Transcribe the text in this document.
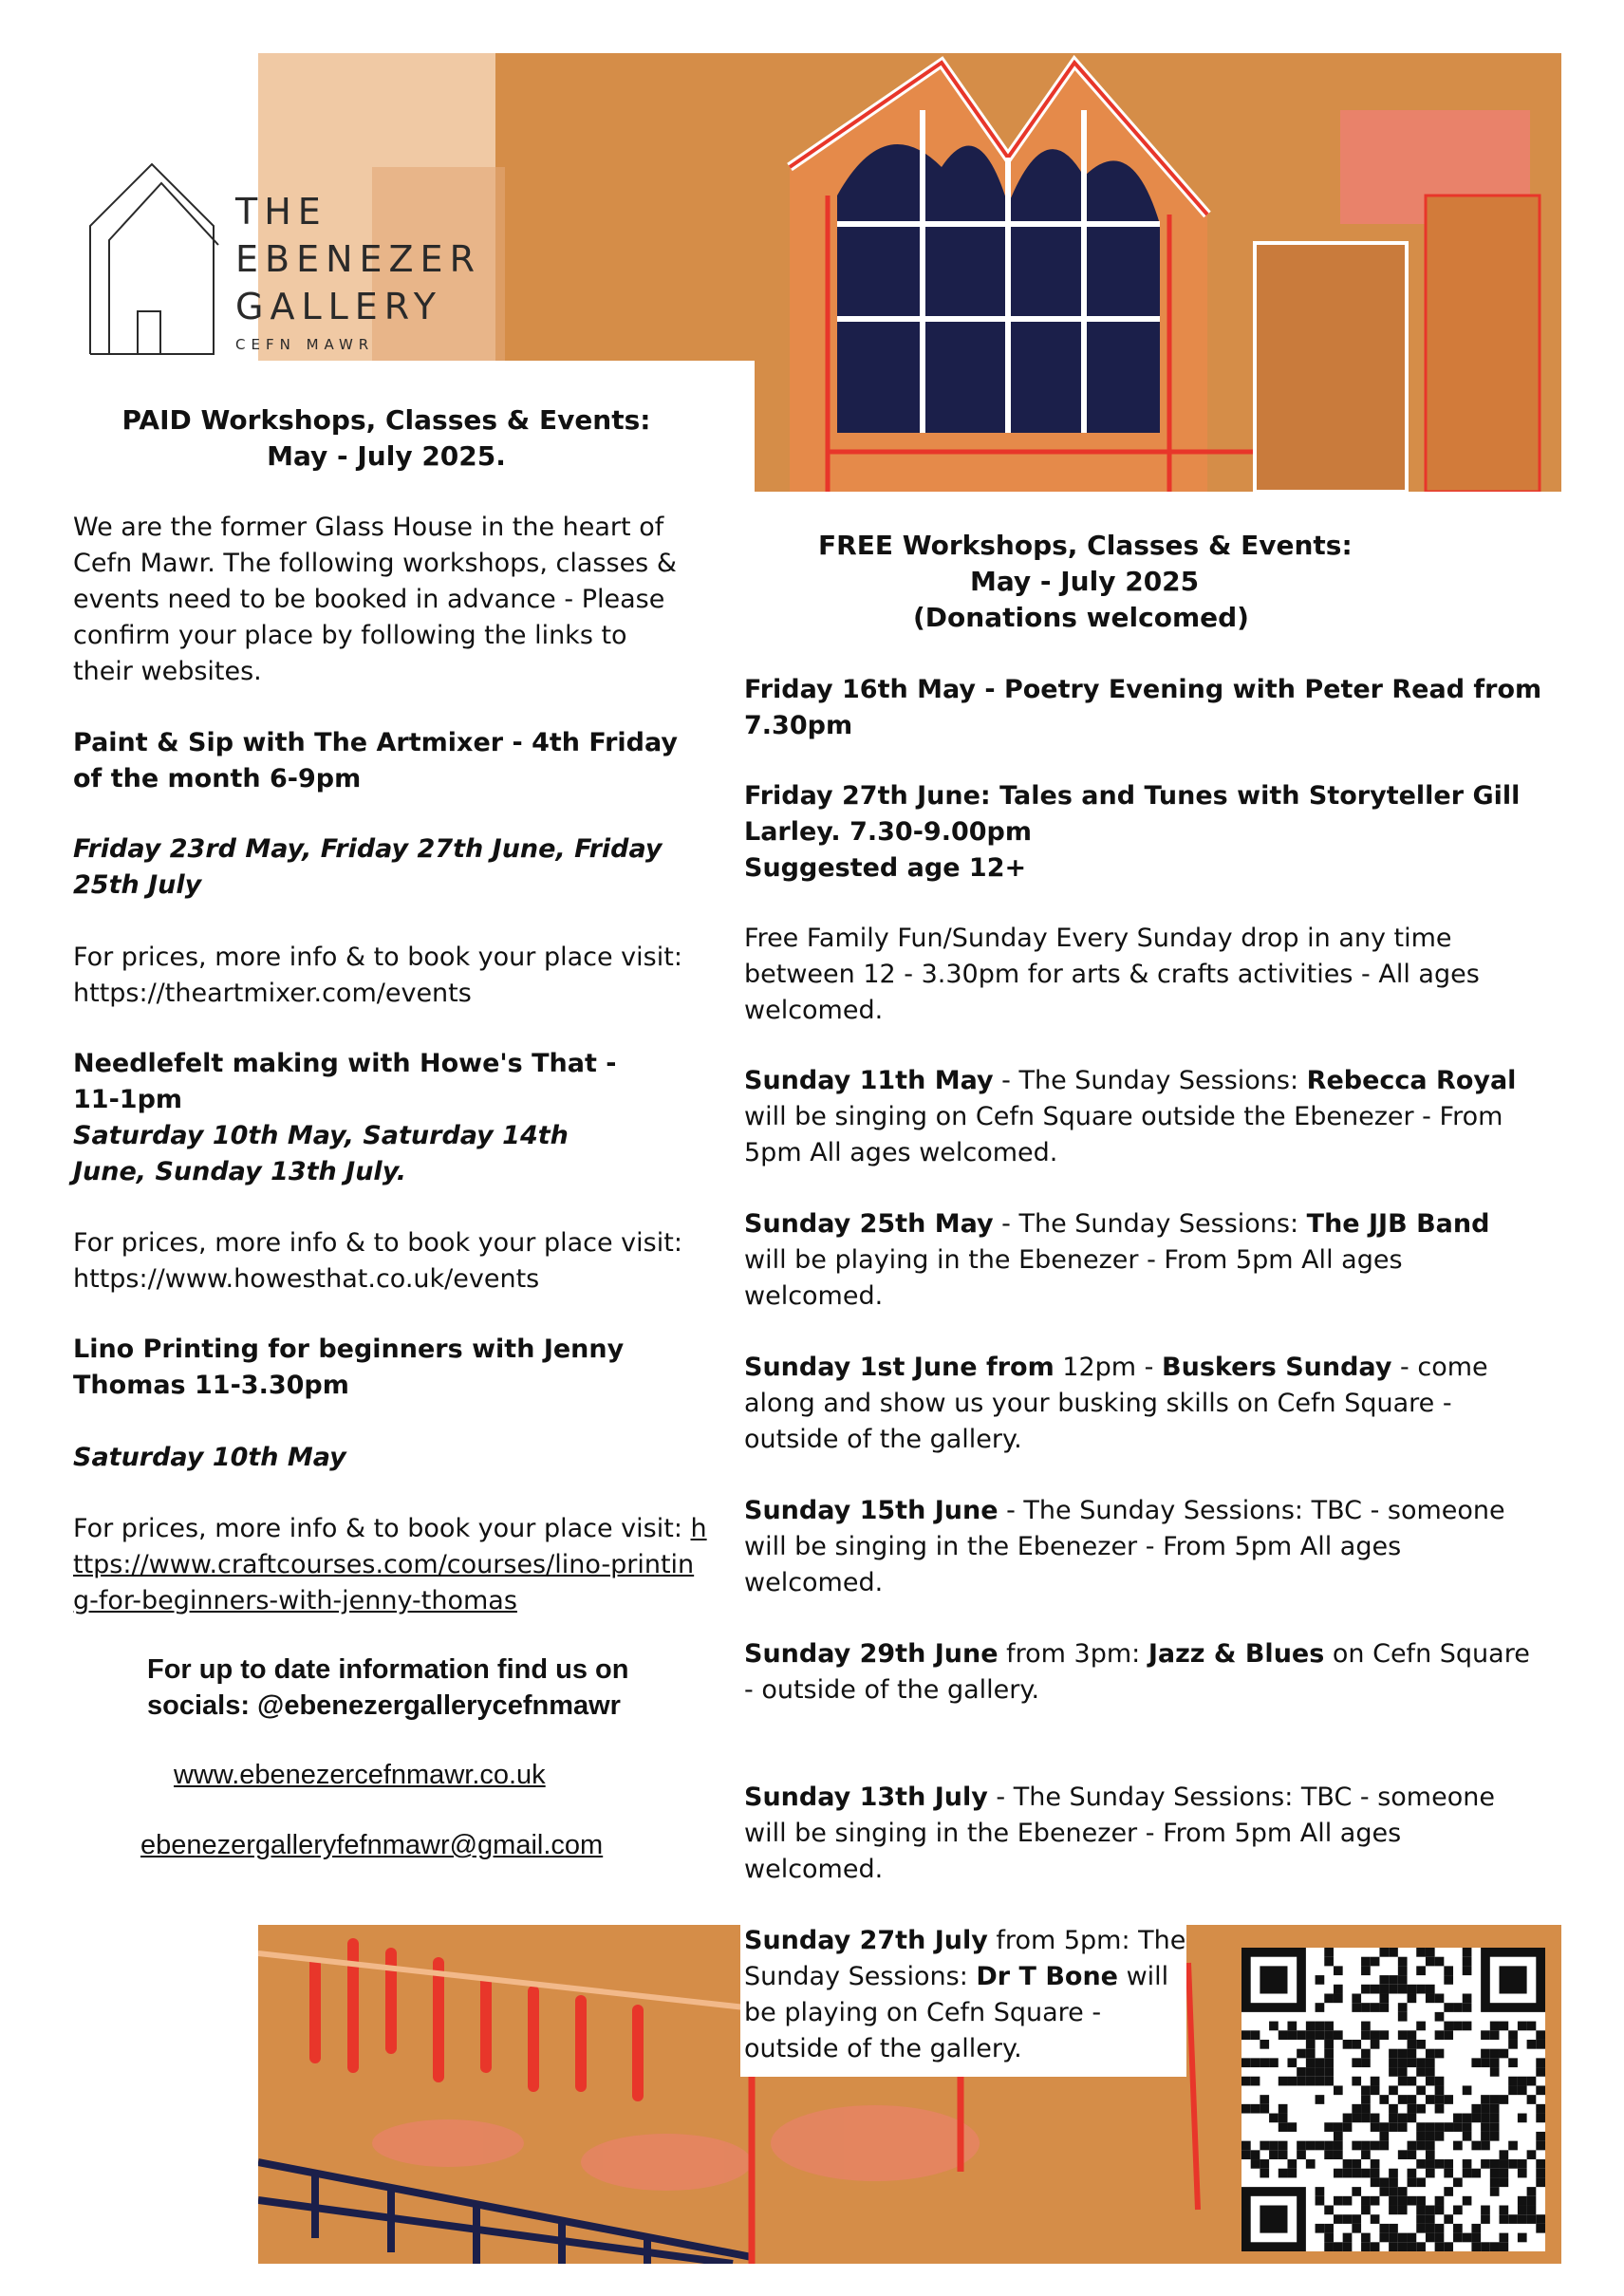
THE
EBENEZER
GALLERY
CEFN MAWR

PAID Workshops, Classes & Events:
May - July 2025.

We are the former Glass House in the heart of Cefn Mawr. The following workshops, classes & events need to be booked in advance - Please confirm your place by following the links to their websites.

Paint & Sip with The Artmixer - 4th Friday of the month 6-9pm

Friday 23rd May, Friday 27th June, Friday 25th July

For prices, more info & to book your place visit: https://theartmixer.com/events

Needlefelt making with Howe's That - 11-1pm

Saturday 10th May, Saturday 14th June, Sunday 13th July.

For prices, more info & to book your place visit: https://www.howesthat.co.uk/events

Lino Printing for beginners with Jenny Thomas 11-3.30pm

Saturday 10th May

For prices, more info & to book your place visit: https://www.craftcourses.com/courses/lino-printing-for-beginners-with-jenny-thomas

For up to date information find us on

socials: @ebenezergallerycefnmawr

www.ebenezercefnmawr.co.uk
ebenezergalleryfefnmawr@gmail.com

FREE Workshops, Classes & Events:
May - July 2025
(Donations welcomed)

Friday 16th May - Poetry Evening with Peter Read from 7.30pm

Friday 27th June: Tales and Tunes with Storyteller Gill Larley. 7.30-9.00pm

Suggested age 12+

Free Family Fun/Sunday Every Sunday drop in any time between 12 - 3.30pm for arts & crafts activities - All ages welcomed.

Sunday 11th May - The Sunday Sessions: Rebecca Royal will be singing on Cefn Square outside the Ebenezer - From 5pm All ages welcomed.

Sunday 25th May - The Sunday Sessions: The JJB Band will be playing in the Ebenezer - From 5pm All ages welcomed.

Sunday 1st June from 12pm - Buskers Sunday - come along and show us your busking skills on Cefn Square - outside of the gallery.

Sunday 15th June - The Sunday Sessions: TBC - someone will be singing in the Ebenezer - From 5pm All ages welcomed.

Sunday 29th June from 3pm: Jazz & Blues on Cefn Square - outside of the gallery.

Sunday 13th July - The Sunday Sessions: TBC - someone will be singing in the Ebenezer - From 5pm All ages welcomed.

Sunday 27th July from 5pm: The Sunday Sessions: Dr T Bone will be playing on Cefn Square - outside of the gallery.
